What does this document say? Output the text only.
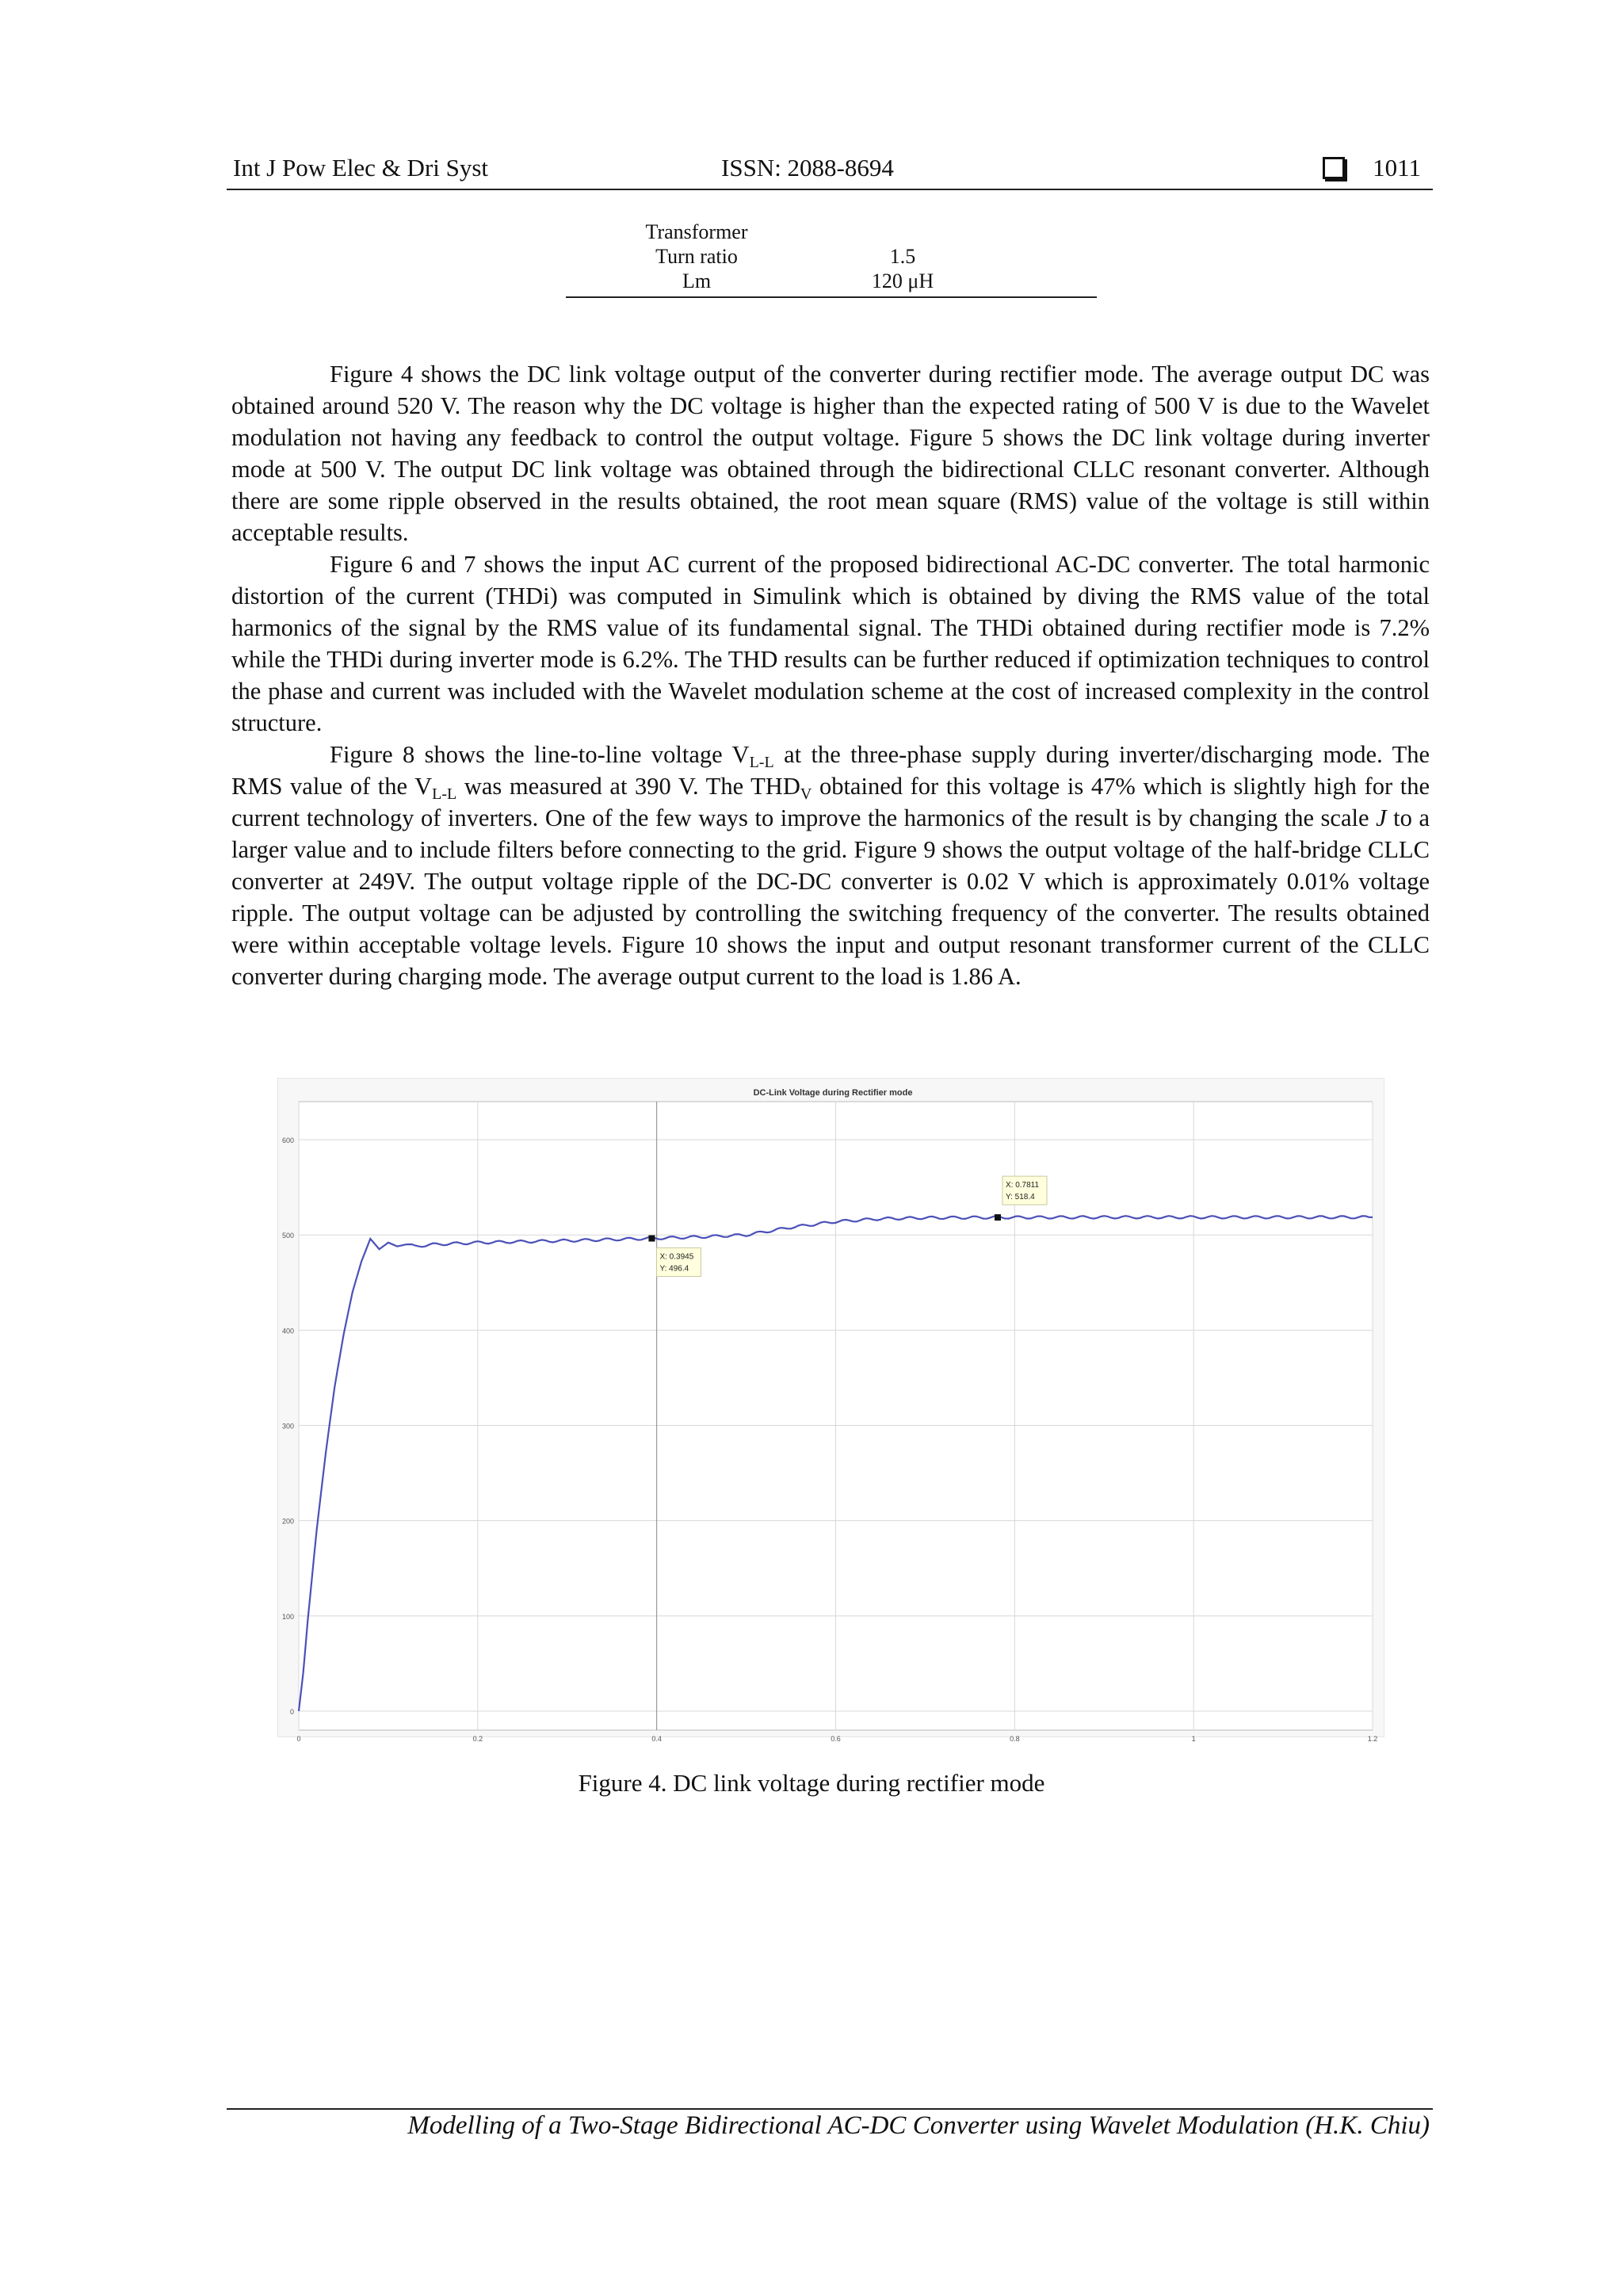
Int J Pow Elec & Dri Syst	ISSN: 2088-8694	1011
Transformer
Turn ratio	1.5
Lm	120 μH

Figure 4 shows the DC link voltage output of the converter during rectifier mode. The average output DC was obtained around 520 V. The reason why the DC voltage is higher than the expected rating of 500 V is due to the Wavelet modulation not having any feedback to control the output voltage. Figure 5 shows the DC link voltage during inverter mode at 500 V. The output DC link voltage was obtained through the bidirectional CLLC resonant converter. Although there are some ripple observed in the results obtained, the root mean square (RMS) value of the voltage is still within acceptable results.

Figure 6 and 7 shows the input AC current of the proposed bidirectional AC-DC converter. The total harmonic distortion of the current (THDi) was computed in Simulink which is obtained by diving the RMS value of the total harmonics of the signal by the RMS value of its fundamental signal. The THDi obtained during rectifier mode is 7.2% while the THDi during inverter mode is 6.2%. The THD results can be further reduced if optimization techniques to control the phase and current was included with the Wavelet modulation scheme at the cost of increased complexity in the control structure.

Figure 8 shows the line-to-line voltage $V_{L-L}$ at the three-phase supply during inverter/discharging mode. The RMS value of the $V_{L-L}$ was measured at 390 V. The $THD_V$ obtained for this voltage is 47% which is slightly high for the current technology of inverters. One of the few ways to improve the harmonics of the result is by changing the scale J to a larger value and to include filters before connecting to the grid. Figure 9 shows the output voltage of the half-bridge CLLC converter at 249V. The output voltage ripple of the DC-DC converter is 0.02 V which is approximately 0.01% voltage ripple. The output voltage can be adjusted by controlling the switching frequency of the converter. The results obtained were within acceptable voltage levels. Figure 10 shows the input and output resonant transformer current of the CLLC converter during charging mode. The average output current to the load is 1.86 A.

DC-Link Voltage during Rectifier mode
0
100
200
300
400
500
600
0	0.2	0.4	0.6	0.8	1	1.2
X: 0.3945
Y: 496.4
X: 0.7811
Y: 518.4
Figure 4. DC link voltage during rectifier mode
Modelling of a Two-Stage Bidirectional AC-DC Converter using Wavelet Modulation (H.K. Chiu)
